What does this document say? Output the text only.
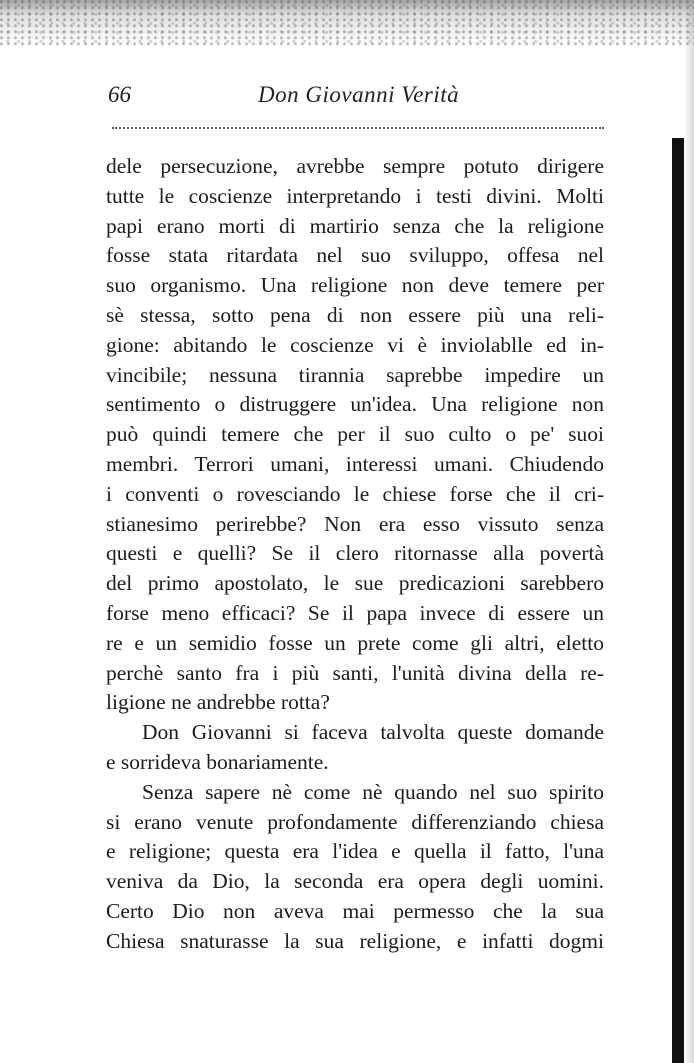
66	Don Giovanni Verità
dele persecuzione, avrebbe sempre potuto dirigere
tutte le coscienze interpretando i testi divini. Molti
papi erano morti di martirio senza che la religione
fosse stata ritardata nel suo sviluppo, offesa nel
suo organismo. Una religione non deve temere per
sè stessa, sotto pena di non essere più una reli-
gione: abitando le coscienze vi è inviolablle ed in-
vincibile; nessuna tirannia saprebbe impedire un
sentimento o distruggere un'idea. Una religione non
può quindi temere che per il suo culto o pe' suoi
membri. Terrori umani, interessi umani. Chiudendo
i conventi o rovesciando le chiese forse che il cri-
stianesimo perirebbe? Non era esso vissuto senza
questi e quelli? Se il clero ritornasse alla povertà
del primo apostolato, le sue predicazioni sarebbero
forse meno efficaci? Se il papa invece di essere un
re e un semidio fosse un prete come gli altri, eletto
perchè santo fra i più santi, l'unità divina della re-
ligione ne andrebbe rotta?
Don Giovanni si faceva talvolta queste domande
e sorrideva bonariamente.
Senza sapere nè come nè quando nel suo spirito
si erano venute profondamente differenziando chiesa
e religione; questa era l'idea e quella il fatto, l'una
veniva da Dio, la seconda era opera degli uomini.
Certo Dio non aveva mai permesso che la sua
Chiesa snaturasse la sua religione, e infatti dogmi
